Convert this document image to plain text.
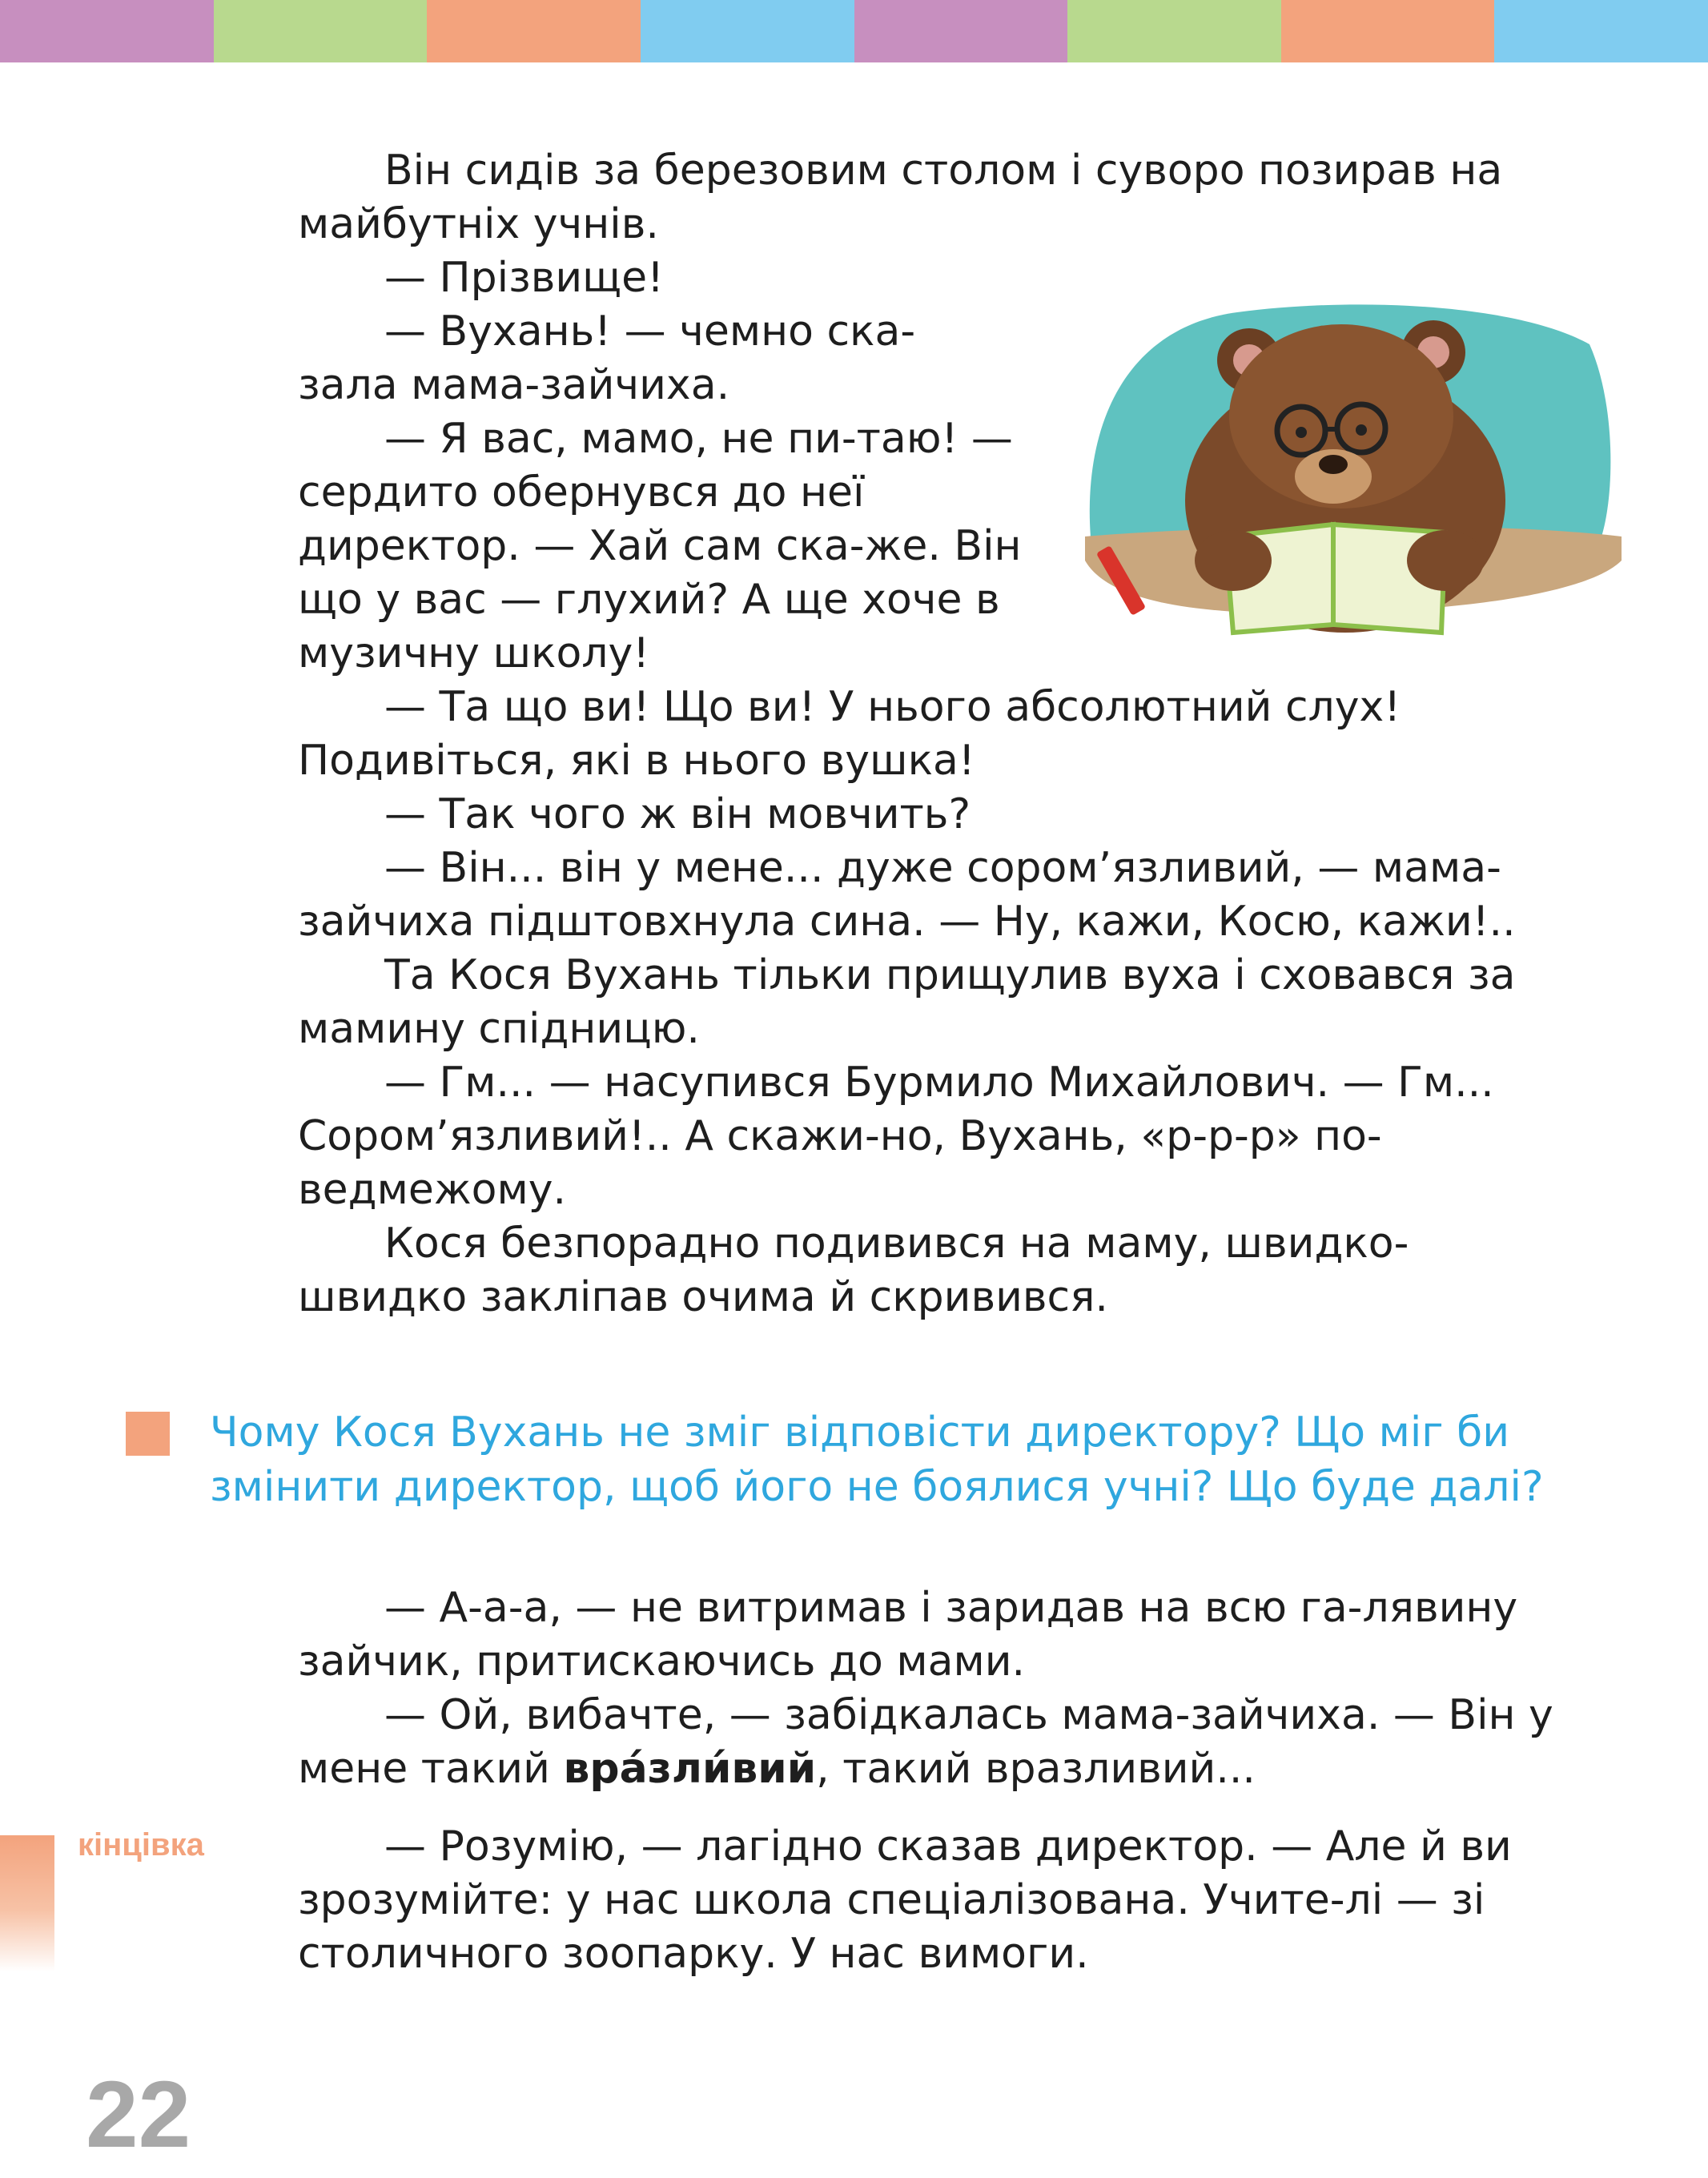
Він сидів за березовим столом і суворо позирав на майбутніх учнів.

— Прізвище!

— Вухань! — чемно ска-зала мама-зайчиха.

— Я вас, мамо, не пи-таю! — сердито обернувся до неї директор. — Хай сам ска-же. Він що у вас — глухий? А ще хоче в музичну школу!

— Та що ви! Що ви! У нього абсолютний слух! Подивіться, які в нього вушка!

— Так чого ж він мовчить?

— Він... він у мене... дуже сором’язливий, — мама-зайчиха підштовхнула сина. — Ну, кажи, Косю, кажи!..

Та Кося Вухань тільки прищулив вуха і сховався за мамину спідницю.

— Гм... — насупився Бурмило Михайлович. — Гм... Сором’язливий!.. А скажи-но, Вухань, «р-р-р» по-ведмежому.

Кося безпорадно подивився на маму, швидко-швидко закліпав очима й скривився.

Чому Кося Вухань не зміг відповісти директору? Що міг би змінити директор, щоб його не боялися учні? Що буде далі?

— А-а-а, — не витримав і заридав на всю га-лявину зайчик, притискаючись до мами.

— Ой, вибачте, — забідкалась мама-зайчиха. — Він у мене такий вра́зли́вий, такий вразливий...

кінцівка	— Розумію, — лагідно сказав директор. — Але й ви зрозумійте: у нас школа спеціалізована. Учите-лі — зі столичного зоопарку. У нас вимоги.

22
